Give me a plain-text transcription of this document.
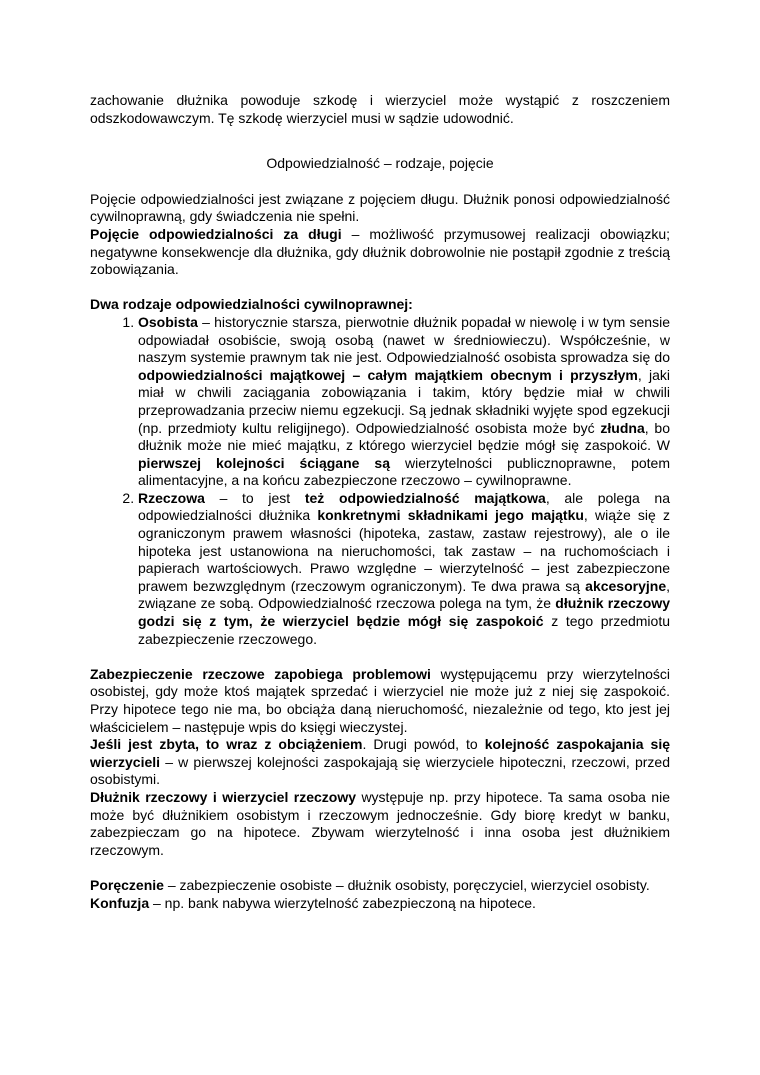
zachowanie dłużnika powoduje szkodę i wierzyciel może wystąpić z roszczeniem odszkodowawczym. Tę szkodę wierzyciel musi w sądzie udowodnić.

Odpowiedzialność – rodzaje, pojęcie

Pojęcie odpowiedzialności jest związane z pojęciem długu. Dłużnik ponosi odpowiedzialność cywilnoprawną, gdy świadczenia nie spełni.

Pojęcie odpowiedzialności za długi – możliwość przymusowej realizacji obowiązku; negatywne konsekwencje dla dłużnika, gdy dłużnik dobrowolnie nie postąpił zgodnie z treścią zobowiązania.

Dwa rodzaje odpowiedzialności cywilnoprawnej:

1. Osobista – historycznie starsza, pierwotnie dłużnik popadał w niewolę i w tym sensie odpowiadał osobiście, swoją osobą (nawet w średniowieczu). Współcześnie, w naszym systemie prawnym tak nie jest. Odpowiedzialność osobista sprowadza się do odpowiedzialności majątkowej – całym majątkiem obecnym i przyszłym, jaki miał w chwili zaciągania zobowiązania i takim, który będzie miał w chwili przeprowadzania przeciw niemu egzekucji. Są jednak składniki wyjęte spod egzekucji (np. przedmioty kultu religijnego). Odpowiedzialność osobista może być złudna, bo dłużnik może nie mieć majątku, z którego wierzyciel będzie mógł się zaspokoić. W pierwszej kolejności ściągane są wierzytelności publicznoprawne, potem alimentacyjne, a na końcu zabezpieczone rzeczowo – cywilnoprawne.
2. Rzeczowa – to jest też odpowiedzialność majątkowa, ale polega na odpowiedzialności dłużnika konkretnymi składnikami jego majątku, wiąże się z ograniczonym prawem własności (hipoteka, zastaw, zastaw rejestrowy), ale o ile hipoteka jest ustanowiona na nieruchomości, tak zastaw – na ruchomościach i papierach wartościowych. Prawo względne – wierzytelność – jest zabezpieczone prawem bezwzględnym (rzeczowym ograniczonym). Te dwa prawa są akcesoryjne, związane ze sobą. Odpowiedzialność rzeczowa polega na tym, że dłużnik rzeczowy godzi się z tym, że wierzyciel będzie mógł się zaspokoić z tego przedmiotu zabezpieczenie rzeczowego.

Zabezpieczenie rzeczowe zapobiega problemowi występującemu przy wierzytelności osobistej, gdy może ktoś majątek sprzedać i wierzyciel nie może już z niej się zaspokoić. Przy hipotece tego nie ma, bo obciąża daną nieruchomość, niezależnie od tego, kto jest jej właścicielem – następuje wpis do księgi wieczystej.
Jeśli jest zbyta, to wraz z obciążeniem. Drugi powód, to kolejność zaspokajania się wierzycieli – w pierwszej kolejności zaspokajają się wierzyciele hipoteczni, rzeczowi, przed osobistymi.

Dłużnik rzeczowy i wierzyciel rzeczowy występuje np. przy hipotece. Ta sama osoba nie może być dłużnikiem osobistym i rzeczowym jednocześnie. Gdy biorę kredyt w banku, zabezpieczam go na hipotece. Zbywam wierzytelność i inna osoba jest dłużnikiem rzeczowym.

Poręczenie – zabezpieczenie osobiste – dłużnik osobisty, poręczyciel, wierzyciel osobisty.

Konfuzja – np. bank nabywa wierzytelność zabezpieczoną na hipotece.
